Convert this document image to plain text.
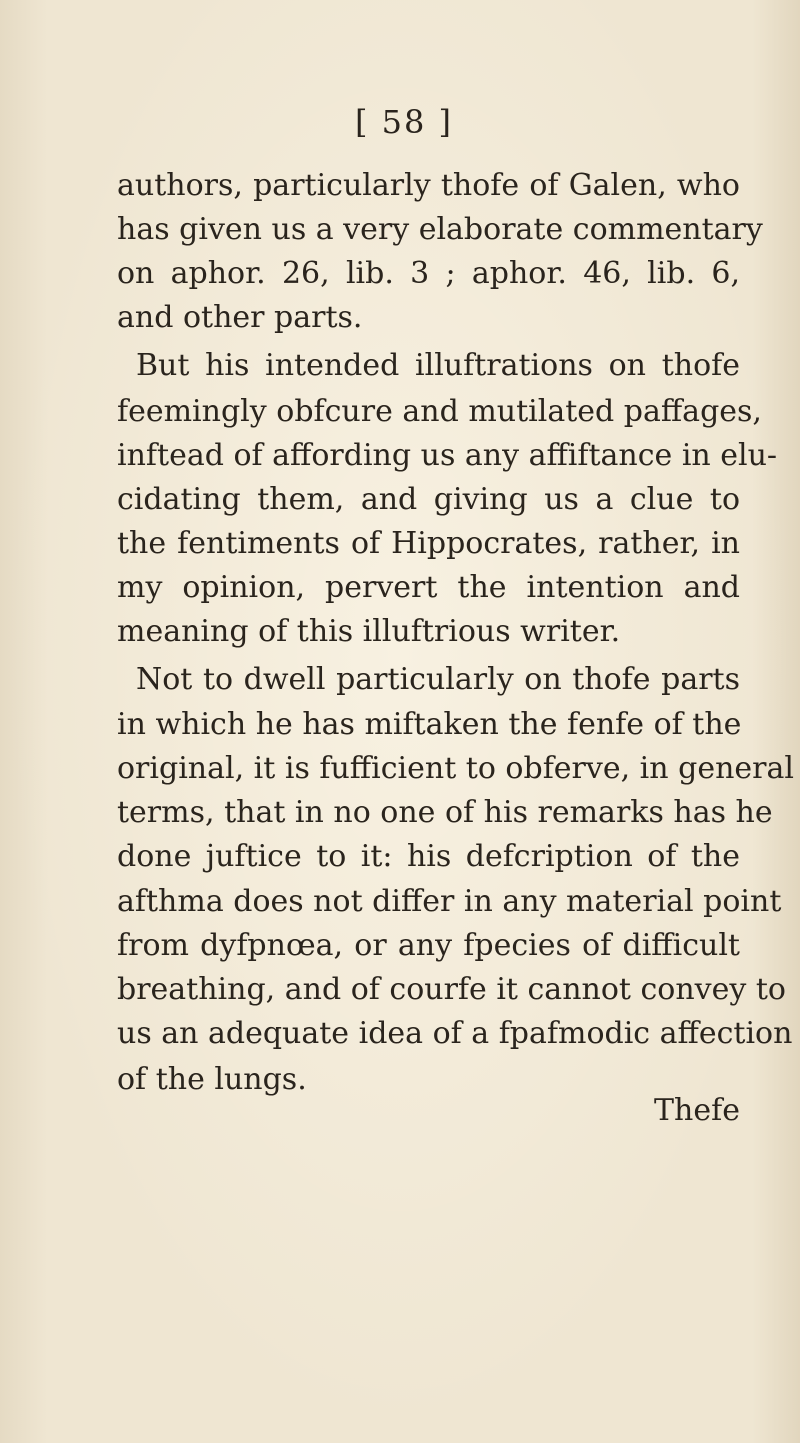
[ 58 ]
authors, particularly thofe of Galen, who
has given us a very elaborate commentary
on aphor. 26, lib. 3 ; aphor. 46, lib. 6,
and other parts.
But his intended illuftrations on thofe
feemingly obfcure and mutilated paffages,
inftead of affording us any affiftance in elu-
cidating them, and giving us a clue to
the fentiments of Hippocrates, rather, in
my opinion, pervert the intention and
meaning of this illuftrious writer.
Not to dwell particularly on thofe parts
in which he has miftaken the fenfe of the
original, it is fufficient to obferve, in general
terms, that in no one of his remarks has he
done juftice to it: his defcription of the
afthma does not differ in any material point
from dyfpnœa, or any fpecies of difficult
breathing, and of courfe it cannot convey to
us an adequate idea of a fpafmodic affection
of the lungs.
Thefe
